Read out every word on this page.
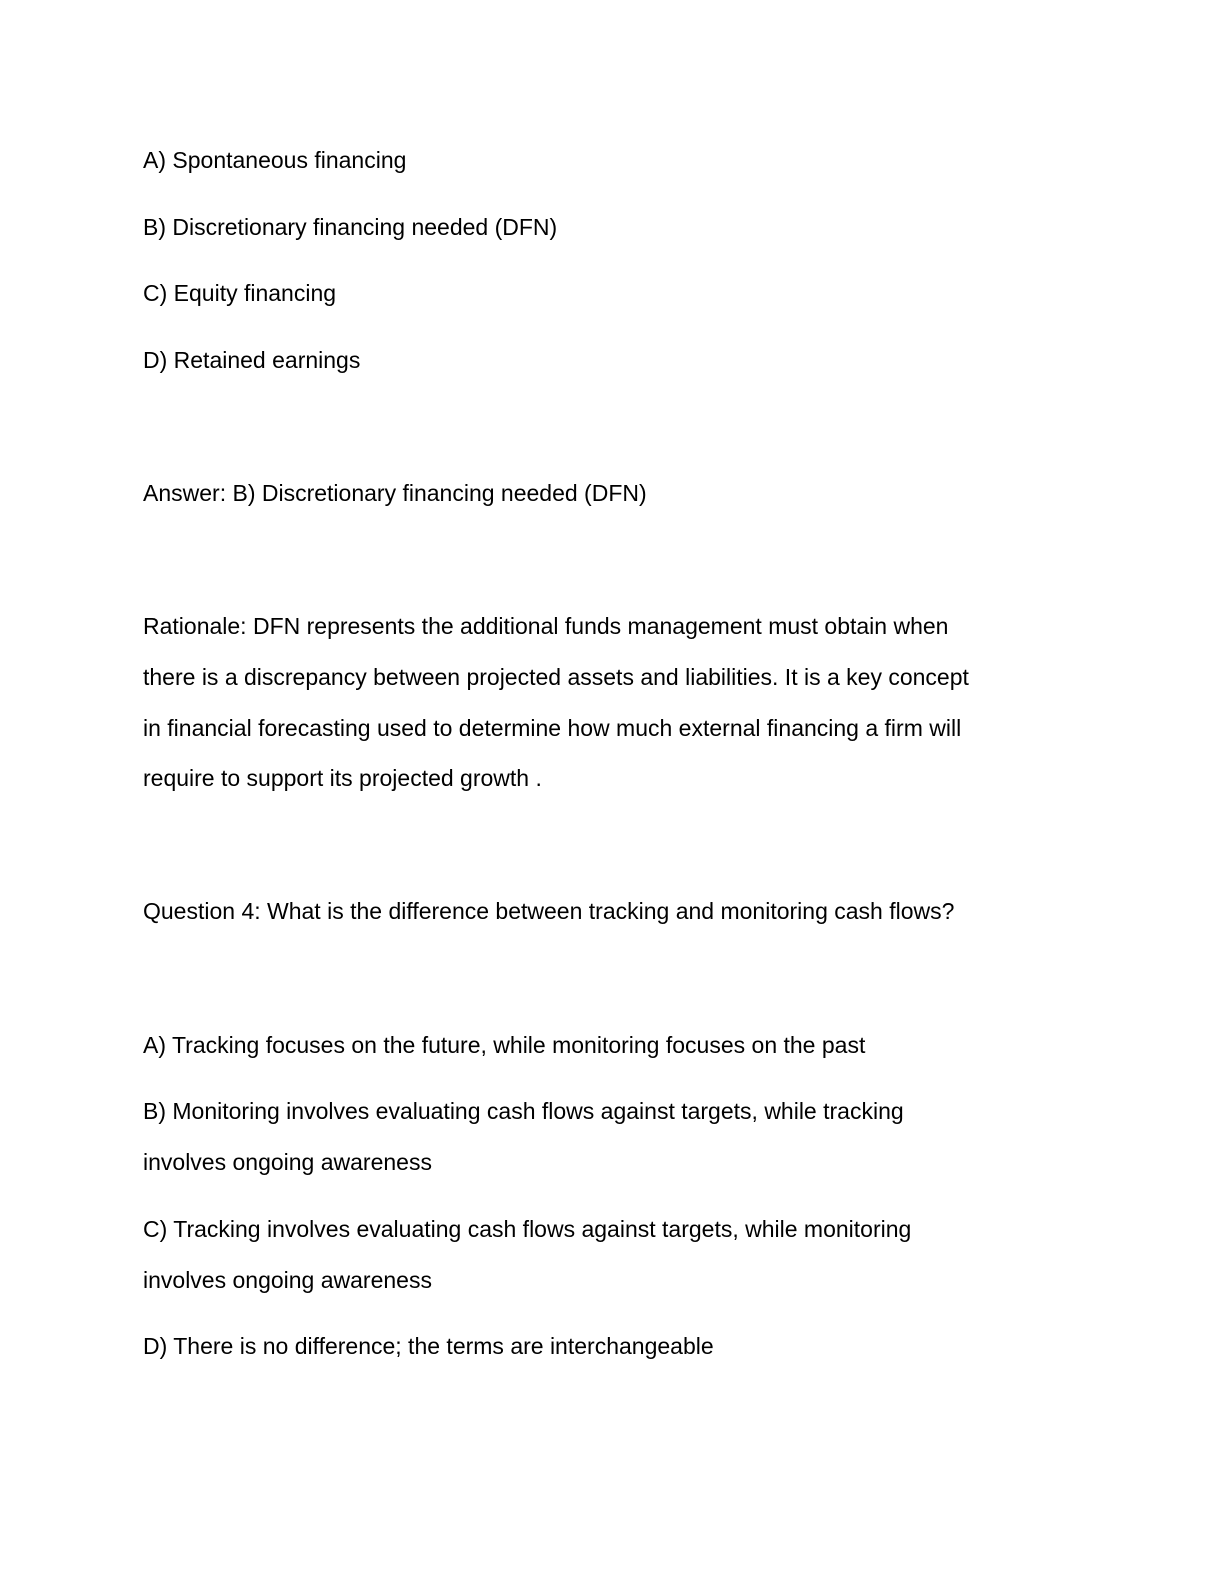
A) Spontaneous financing

B) Discretionary financing needed (DFN)

C) Equity financing

D) Retained earnings

Answer: B) Discretionary financing needed (DFN)

Rationale: DFN represents the additional funds management must obtain when

there is a discrepancy between projected assets and liabilities. It is a key concept

in financial forecasting used to determine how much external financing a firm will

require to support its projected growth .

Question 4: What is the difference between tracking and monitoring cash flows?

A) Tracking focuses on the future, while monitoring focuses on the past

B) Monitoring involves evaluating cash flows against targets, while tracking

involves ongoing awareness

C) Tracking involves evaluating cash flows against targets, while monitoring

involves ongoing awareness

D) There is no difference; the terms are interchangeable
